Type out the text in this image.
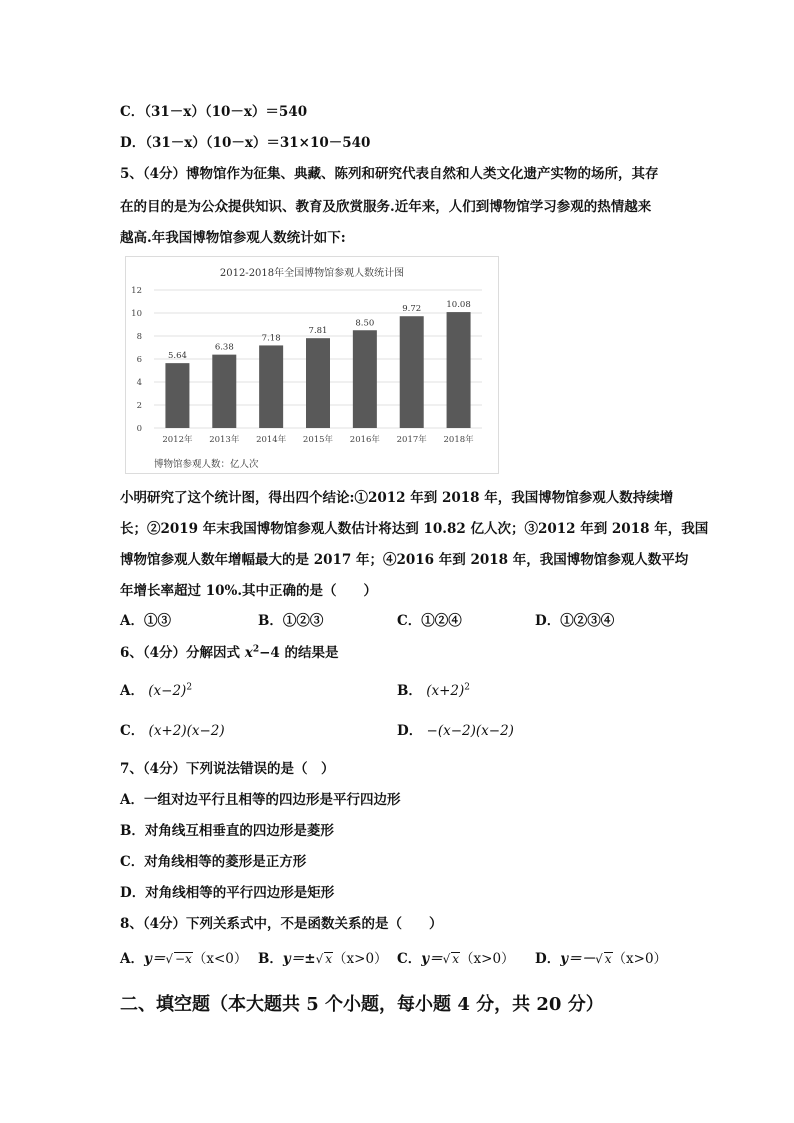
C．（31－x）（10－x）＝540
D．（31－x）（10－x）＝31×10－540
5、（4分）博物馆作为征集、典藏、陈列和研究代表自然和人类文化遗产实物的场所，其存
在的目的是为公众提供知识、教育及欣赏服务.近年来，人们到博物馆学习参观的热情越来
越高.年我国博物馆参观人数统计如下:
2012-2018年全国博物馆参观人数统计图
0
2
4
6
8
10
12
5.64
6.38
7.18
7.81
8.50
9.72	10.08
2012年 2013年 2014年 2015年 2016年 2017年 2018年
博物馆参观人数：亿人次
小明研究了这个统计图，得出四个结论:①2012 年到 2018 年，我国博物馆参观人数持续增
长；②2019 年末我国博物馆参观人数估计将达到 10.82 亿人次；③2012 年到 2018 年，我国
博物馆参观人数年增幅最大的是 2017 年；④2016 年到 2018 年，我国博物馆参观人数平均
年增长率超过 10%.其中正确的是（　　）
A．①③	B．①②③	C．①②④	D．①②③④
6、（4分）分解因式 $x^2-4$ 的结果是
A． $(x-2)^2$	B． $(x+2)^2$
C． (x+2)(x−2)	D． −(x−2)(x−2)
7、（4分）下列说法错误的是（　）
A．一组对边平行且相等的四边形是平行四边形
B．对角线互相垂直的四边形是菱形
C．对角线相等的菱形是正方形
D．对角线相等的平行四边形是矩形
8、（4分）下列关系式中，不是函数关系的是（　　）
A．y＝√ −x（x<0） B．y＝±√ x（x>0） C．y＝√ x（x>0） D．y＝－√ x（x>0）
二、填空题（本大题共 5 个小题，每小题 4 分，共 20 分）
